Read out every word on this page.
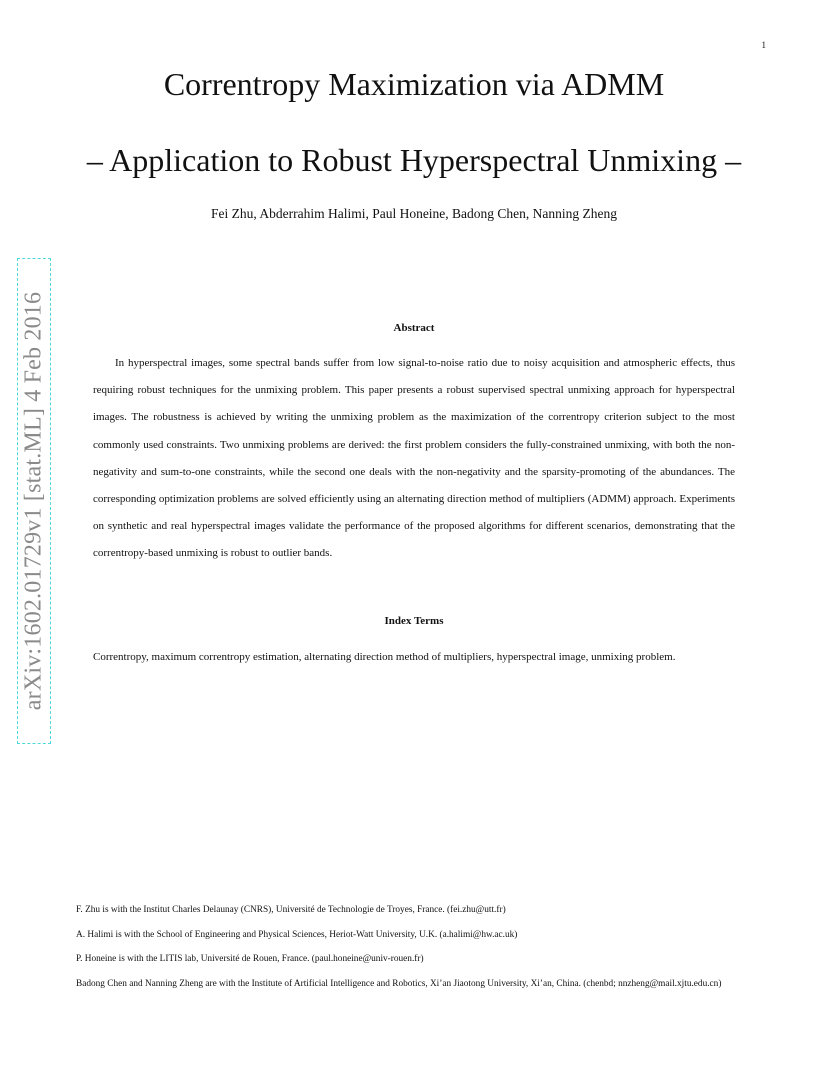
1
arXiv:1602.01729v1 [stat.ML] 4 Feb 2016
Correntropy Maximization via ADMM
– Application to Robust Hyperspectral Unmixing –
Fei Zhu, Abderrahim Halimi, Paul Honeine, Badong Chen, Nanning Zheng
Abstract

In hyperspectral images, some spectral bands suffer from low signal-to-noise ratio due to noisy acquisition and atmospheric effects, thus requiring robust techniques for the unmixing problem. This paper presents a robust supervised spectral unmixing approach for hyperspectral images. The robustness is achieved by writing the unmixing problem as the maximization of the correntropy criterion subject to the most commonly used constraints. Two unmixing problems are derived: the first problem considers the fully-constrained unmixing, with both the non-negativity and sum-to-one constraints, while the second one deals with the non-negativity and the sparsity-promoting of the abundances. The corresponding optimization problems are solved efficiently using an alternating direction method of multipliers (ADMM) approach. Experiments on synthetic and real hyperspectral images validate the performance of the proposed algorithms for different scenarios, demonstrating that the correntropy-based unmixing is robust to outlier bands.

Index Terms

Correntropy, maximum correntropy estimation, alternating direction method of multipliers, hyperspectral image, unmixing problem.

F. Zhu is with the Institut Charles Delaunay (CNRS), Université de Technologie de Troyes, France. (fei.zhu@utt.fr)

A. Halimi is with the School of Engineering and Physical Sciences, Heriot-Watt University, U.K. (a.halimi@hw.ac.uk)

P. Honeine is with the LITIS lab, Université de Rouen, France. (paul.honeine@univ-rouen.fr)

Badong Chen and Nanning Zheng are with the Institute of Artificial Intelligence and Robotics, Xi’an Jiaotong University, Xi’an, China. (chenbd; nnzheng@mail.xjtu.edu.cn)
